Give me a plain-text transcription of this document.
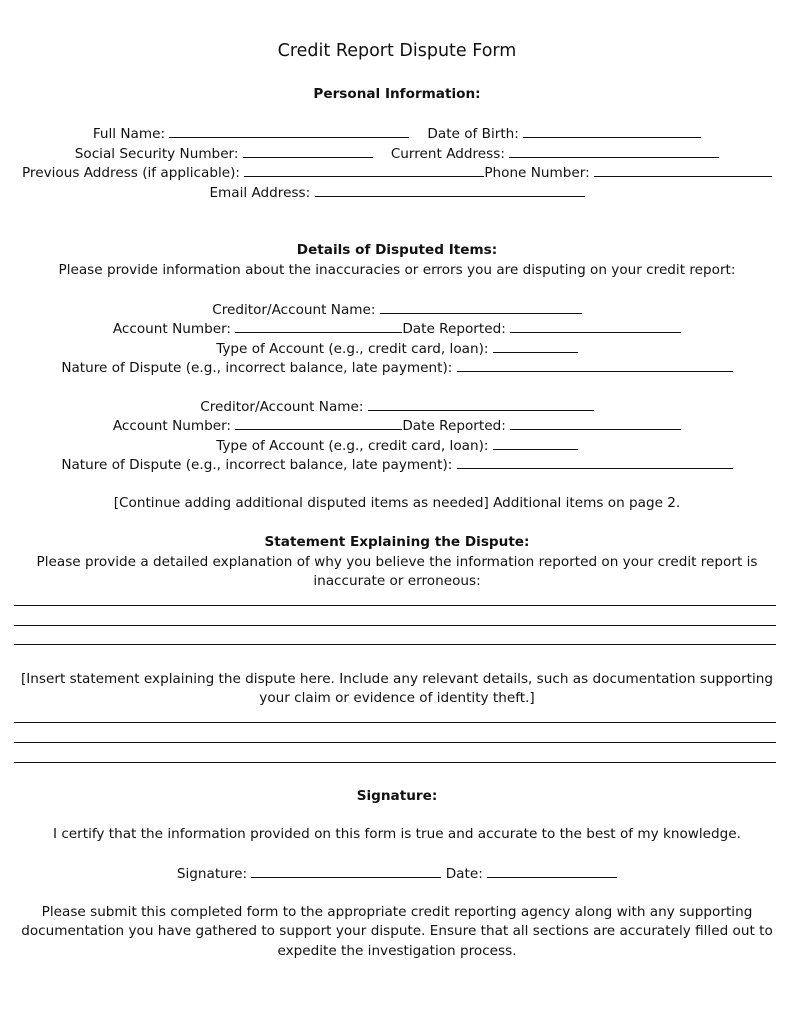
Credit Report Dispute Form
Personal Information:
Full Name:	Date of Birth:
Social Security Number:	Current Address:
Previous Address (if applicable):	Phone Number:
Email Address:
Details of Disputed Items:
Please provide information about the inaccuracies or errors you are disputing on your credit report:
Creditor/Account Name:
Account Number:	Date Reported:
Type of Account (e.g., credit card, loan):
Nature of Dispute (e.g., incorrect balance, late payment):
Creditor/Account Name:
Account Number:	Date Reported:
Type of Account (e.g., credit card, loan):
Nature of Dispute (e.g., incorrect balance, late payment):
[Continue adding additional disputed items as needed] Additional items on page 2.
Statement Explaining the Dispute:
Please provide a detailed explanation of why you believe the information reported on your credit report is
inaccurate or erroneous:
[Insert statement explaining the dispute here. Include any relevant details, such as documentation supporting
your claim or evidence of identity theft.]
Signature:
I certify that the information provided on this form is true and accurate to the best of my knowledge.
Signature:	Date:
Please submit this completed form to the appropriate credit reporting agency along with any supporting
documentation you have gathered to support your dispute. Ensure that all sections are accurately filled out to
expedite the investigation process.
